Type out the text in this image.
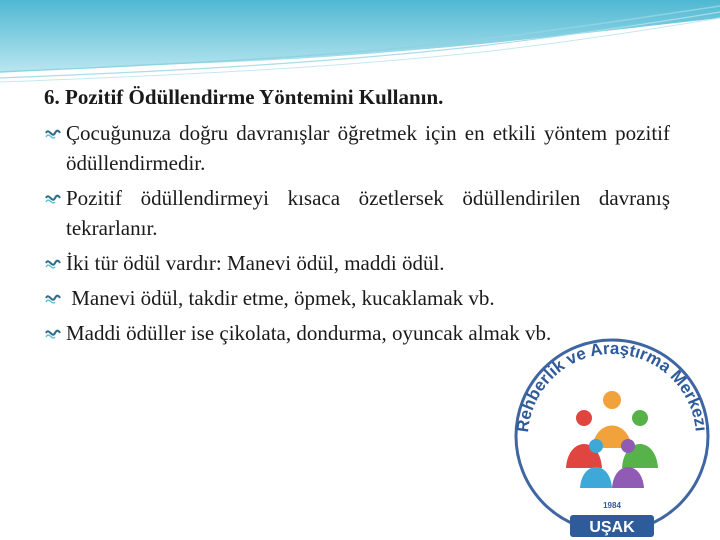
6. Pozitif Ödüllendirme Yöntemini Kullanın.
Çocuğunuza doğru davranışlar öğretmek için en etkili yöntem pozitif ödüllendirmedir.
Pozitif ödüllendirmeyi kısaca özetlersek ödüllendirilen davranış tekrarlanır.
İki tür ödül vardır: Manevi ödül, maddi ödül.
Manevi ödül, takdir etme, öpmek, kucaklamak vb.
Maddi ödüller ise çikolata, dondurma, oyuncak almak vb.
Rehberlik ve Araştırma Merkezi
1984
UŞAK
